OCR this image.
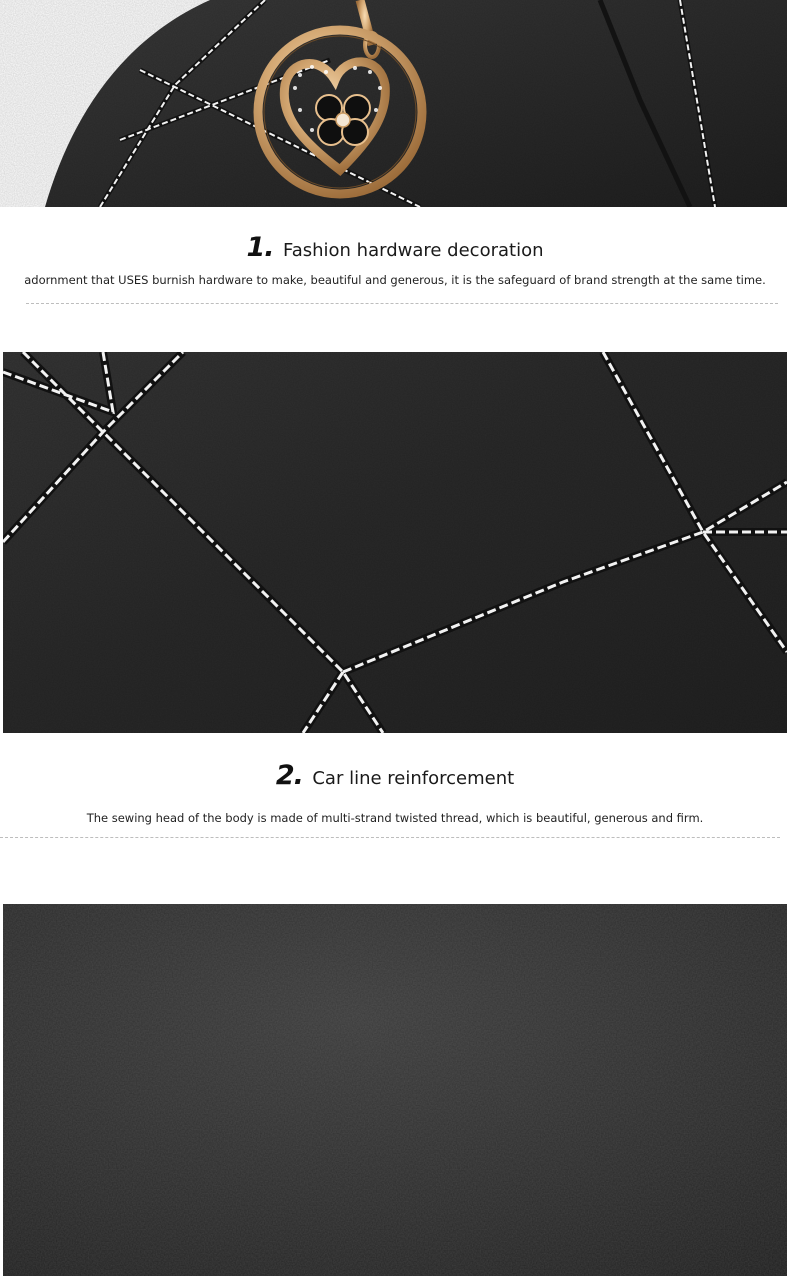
1. Fashion hardware decoration
adornment that USES burnish hardware to make, beautiful and generous, it is the safeguard of brand strength at the same time.
2. Car line reinforcement
The sewing head of the body is made of multi-strand twisted thread, which is beautiful, generous and firm.
